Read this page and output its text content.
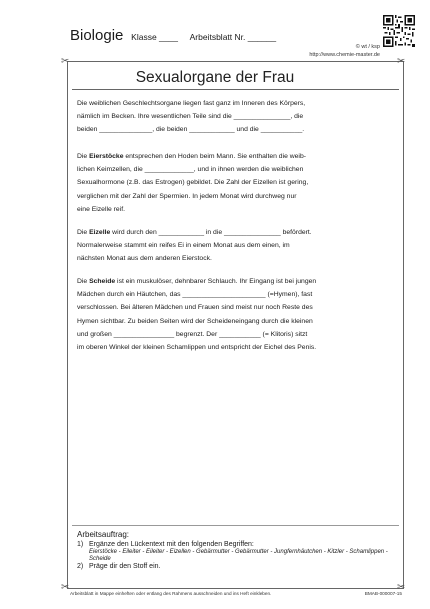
Biologie Klasse ____ Arbeitsblatt Nr. ______
© wt / ksp
http://www.chemie-master.de
✂	✂
✂	✂
Sexualorgane der Frau
Die weiblichen Geschlechtsorgane liegen fast ganz im Inneren des Körpers,
nämlich im Becken. Ihre wesentlichen Teile sind die _______________, die
beiden ______________, die beiden ____________ und die ___________.
Die Eierstöcke entsprechen den Hoden beim Mann. Sie enthalten die weib-
lichen Keimzellen, die _____________, und in ihnen werden die weiblichen
Sexualhormone (z.B. das Estrogen) gebildet. Die Zahl der Eizellen ist gering,
verglichen mit der Zahl der Spermien. In jedem Monat wird durchweg nur
eine Eizelle reif.
Die Eizelle wird durch den ____________ in die _______________ befördert.
Normalerweise stammt ein reifes Ei in einem Monat aus dem einen, im
nächsten Monat aus dem anderen Eierstock.
Die Scheide ist ein muskulöser, dehnbarer Schlauch. Ihr Eingang ist bei jungen
Mädchen durch ein Häutchen, das ______________________ (=Hymen), fast
verschlossen. Bei älteren Mädchen und Frauen sind meist nur noch Reste des
Hymen sichtbar. Zu beiden Seiten wird der Scheideneingang durch die kleinen
und großen ________________ begrenzt. Der ___________ (= Klitoris) sitzt
im oberen Winkel der kleinen Schamlippen und entspricht der Eichel des Penis.
Arbeitsauftrag:
1) Ergänze den Lückentext mit den folgenden Begriffen:
Eierstöcke - Eileiter - Eileiter - Eizellen - Gebärmutter - Gebärmutter - Jungfernhäutchen - Kitzler - Schamlippen - Scheide
2) Präge dir den Stoff ein.
Arbeitsblatt in Mappe einheften oder entlang des Rahmens ausschneiden und ins Heft einkleben.	BMAB-000007-15
